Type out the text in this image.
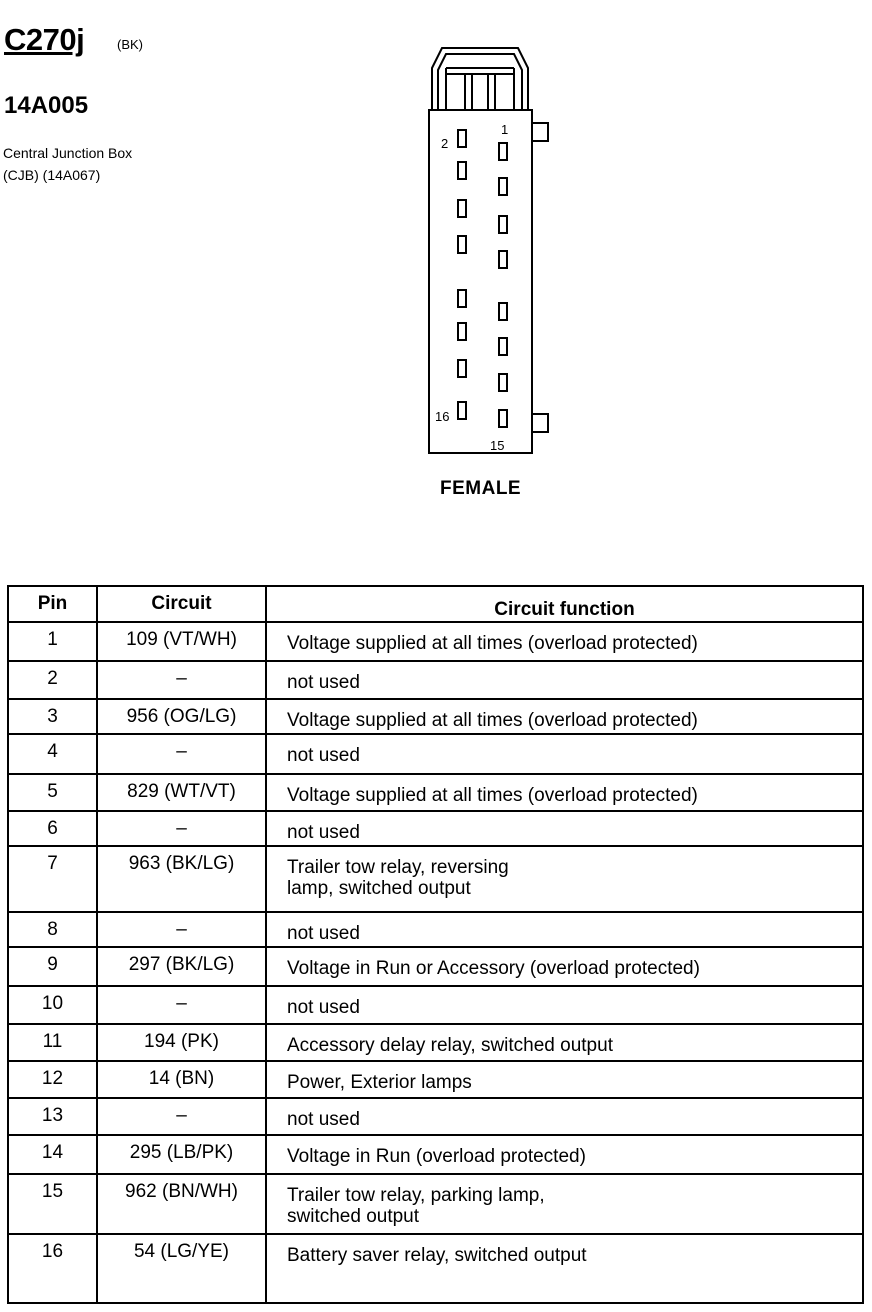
C270j	(BK)
14A005
Central Junction Box
(CJB) (14A067)
2
1
16
15
FEMALE
Pin	Circuit	Circuit function
1	109 (VT/WH)	Voltage supplied at all times (overload protected)

2	–	not used

3	956 (OG/LG)	Voltage supplied at all times (overload protected)

4	–	not used

5	829 (WT/VT)	Voltage supplied at all times (overload protected)

6	–	not used

7	963 (BK/LG)	Trailer tow relay, reversing
lamp, switched output

8	–	not used

9	297 (BK/LG)	Voltage in Run or Accessory (overload protected)

10	–	not used

11	194 (PK)	Accessory delay relay, switched output

12	14 (BN)	Power, Exterior lamps

13	–	not used

14	295 (LB/PK)	Voltage in Run (overload protected)

15	962 (BN/WH)	Trailer tow relay, parking lamp,
switched output

16	54 (LG/YE)	Battery saver relay, switched output
